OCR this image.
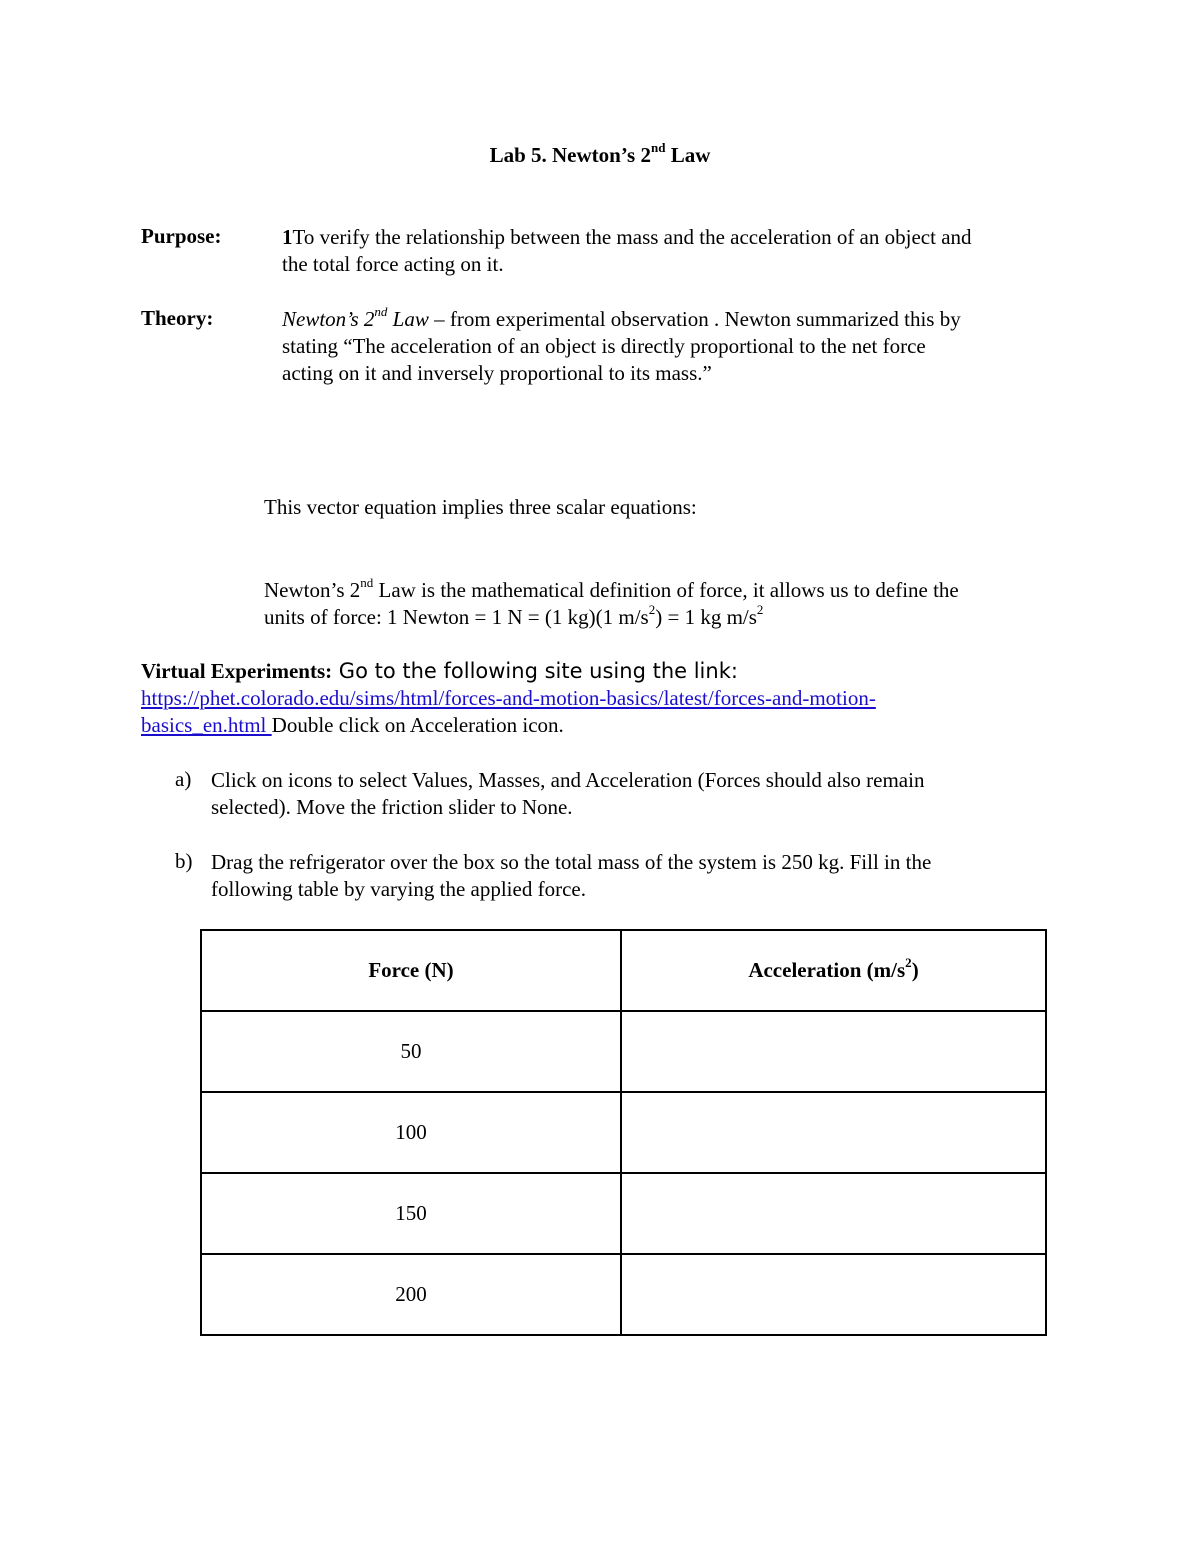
Lab 5. Newton’s 2nd Law
Purpose:	1To verify the relationship between the mass and the acceleration of an object and
the total force acting on it.
Theory:	Newton’s 2nd Law – from experimental observation . Newton summarized this by
stating “The acceleration of an object is directly proportional to the net force
acting on it and inversely proportional to its mass.”
This vector equation implies three scalar equations:
Newton’s 2nd Law is the mathematical definition of force, it allows us to define the
units of force: 1 Newton = 1 N = (1 kg)(1 $m/s^2) = 1$ kg $m/s^2$
Virtual Experiments: Go to the following site using the link:
https://phet.colorado.edu/sims/html/forces-and-motion-basics/latest/forces-and-motion-
basics_en.html Double click on Acceleration icon.
a) Click on icons to select Values, Masses, and Acceleration (Forces should also remain
selected). Move the friction slider to None.
b) Drag the refrigerator over the box so the total mass of the system is 250 kg. Fill in the
following table by varying the applied force.
Force (N)	Acceleration $(m/s^2)$
50	
100	
150	
200	
